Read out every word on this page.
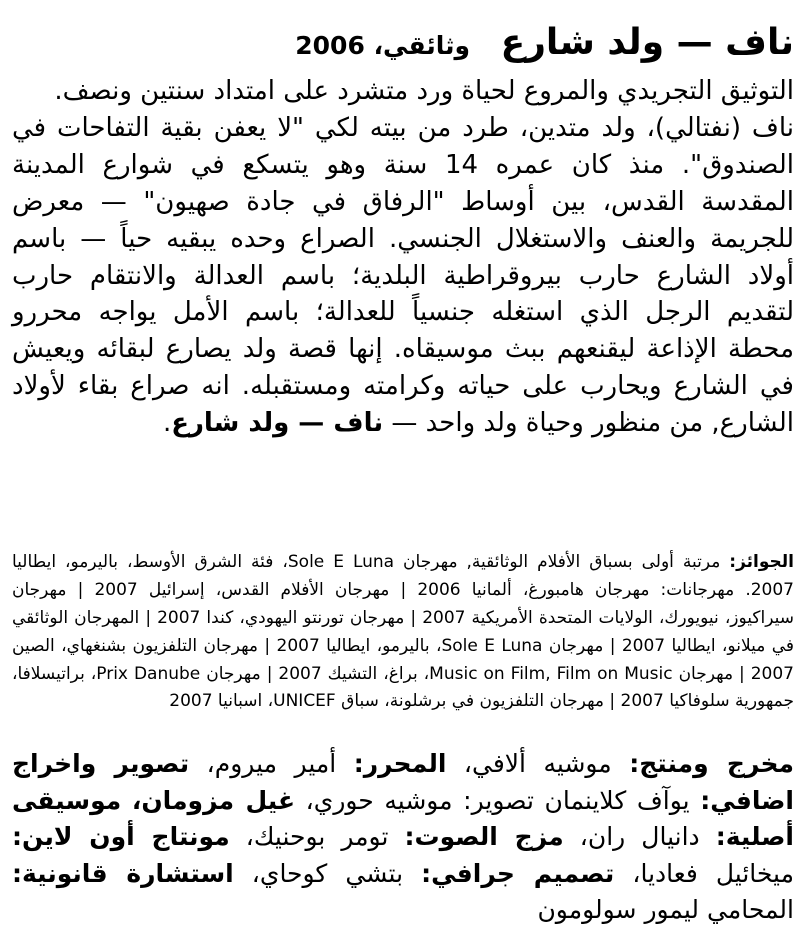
ناف — ولد شارع وثائقي، 2006

التوثيق التجريدي والمروع لحياة ورد متشرد على امتداد سنتين ونصف.

ناف (نفتالي)، ولد متدين، طرد من بيته لكي "لا يعفن بقية التفاحات في الصندوق". منذ كان عمره 14 سنة وهو يتسكع في شوارع المدينة المقدسة القدس، بين أوساط "الرفاق في جادة صهيون" — معرض للجريمة والعنف والاستغلال الجنسي. الصراع وحده يبقيه حياً — باسم أولاد الشارع حارب بيروقراطية البلدية؛ باسم العدالة والانتقام حارب لتقديم الرجل الذي استغله جنسياً للعدالة؛ باسم الأمل يواجه محررو محطة الإذاعة ليقنعهم ببث موسيقاه. إنها قصة ولد يصارع لبقائه ويعيش في الشارع ويحارب على حياته وكرامته ومستقبله. انه صراع بقاء لأولاد الشارع, من منظور وحياة ولد واحد — ناف — ولد شارع.

الجوائز: مرتبة أولى بسباق الأفلام الوثائقية, مهرجان Sole E Luna، فئة الشرق الأوسط، باليرمو، ايطاليا 2007. مهرجانات: مهرجان هامبورغ، ألمانيا 2006 | مهرجان الأفلام القدس، إسرائيل 2007 | مهرجان سيراكيوز، نيويورك، الولايات المتحدة الأمريكية 2007 | مهرجان تورنتو اليهودي، كندا 2007 | المهرجان الوثائقي في ميلانو، ايطاليا 2007 | مهرجان Sole E Luna، باليرمو، ايطاليا 2007 | مهرجان التلفزيون بشنغهاي، الصين 2007 | مهرجان Music on Film, Film on Music، براغ، التشيك 2007 | مهرجان Prix Danube، براتيسلافا، جمهورية سلوفاكيا 2007 | مهرجان التلفزيون في برشلونة، سباق UNICEF، اسبانيا 2007

مخرج ومنتج: موشيه ألافي، المحرر: أمير ميروم، تصوير واخراج اضافي: يوآف كلاينمان تصوير: موشيه حوري، غيل مزومان، موسيقى أصلية: دانيال ران، مزج الصوت: تومر بوحنيك، مونتاج أون لاين: ميخائيل فعاديا، تصميم جرافي: بتشي كوحاي، استشارة قانونية: المحامي ليمور سولومون
